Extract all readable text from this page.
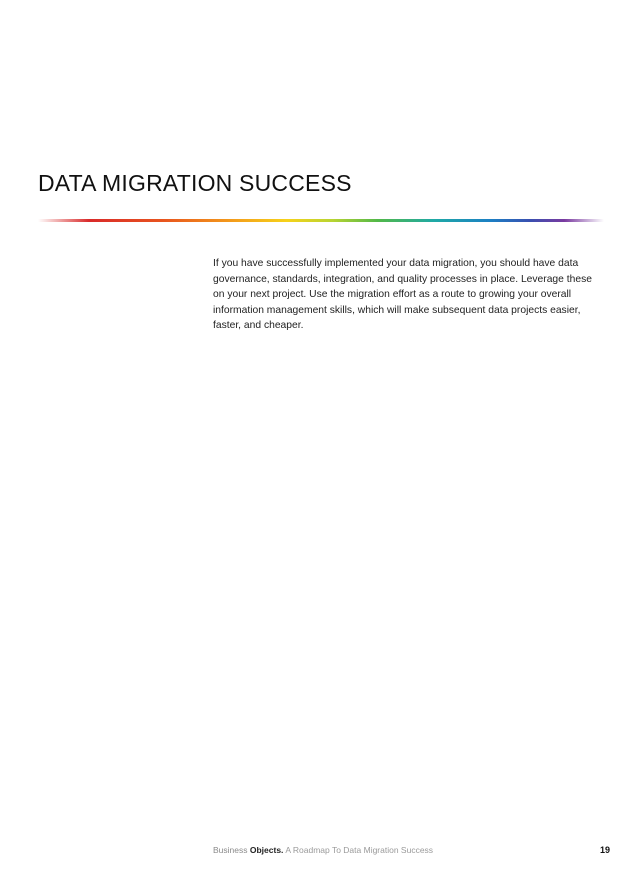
DATA MIGRATION SUCCESS

If you have successfully implemented your data migration, you should have data governance, standards, integration, and quality processes in place. Leverage these on your next project. Use the migration effort as a route to growing your overall information management skills, which will make subsequent data projects easier, faster, and cheaper.

Business Objects. A Roadmap To Data Migration Success	19
